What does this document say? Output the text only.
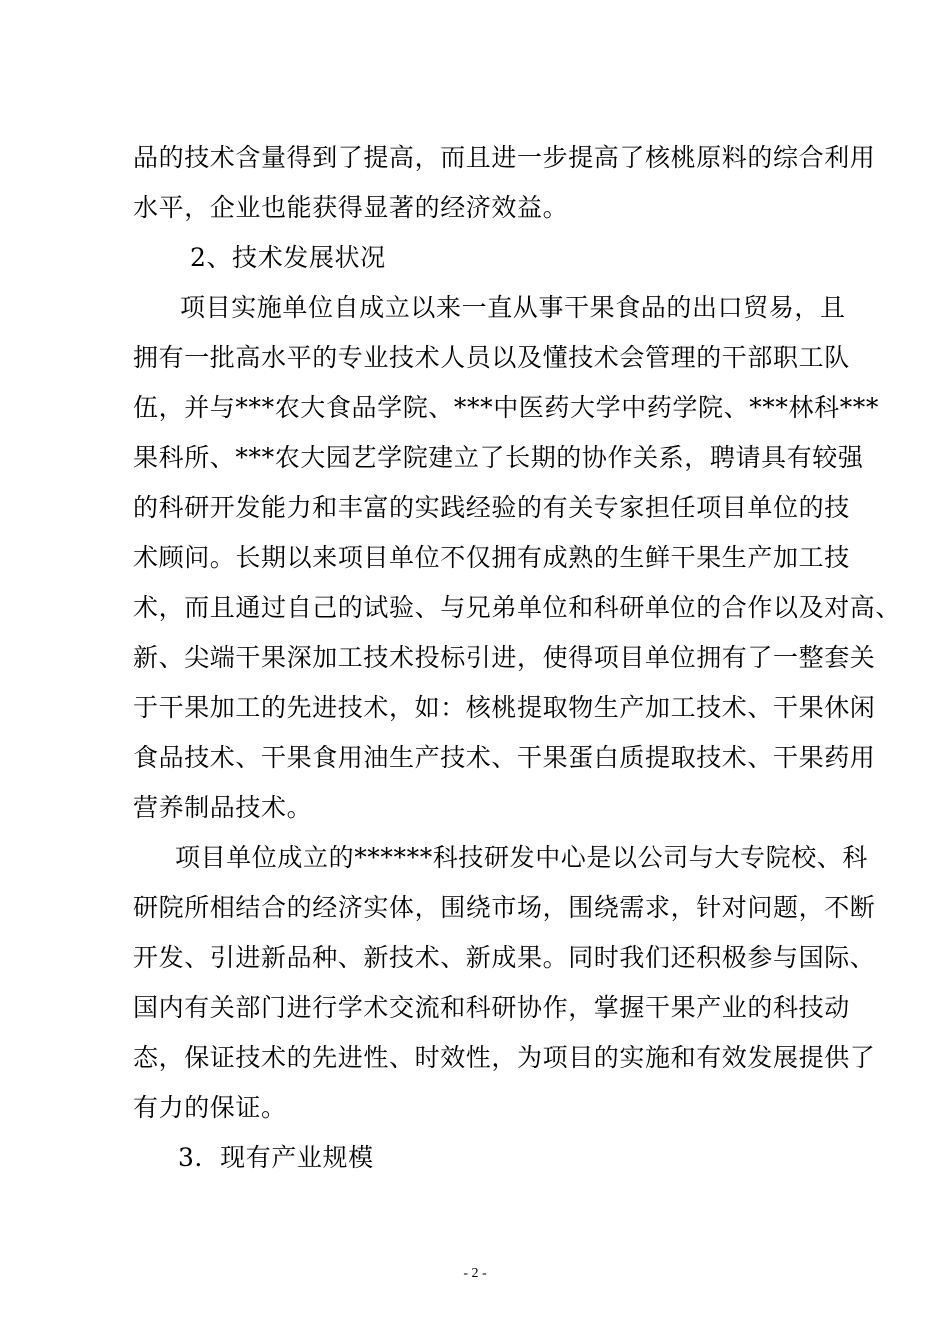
品的技术含量得到了提高，而且进一步提高了核桃原料的综合利用
水平，企业也能获得显著的经济效益。
2、技术发展状况
项目实施单位自成立以来一直从事干果食品的出口贸易，且
拥有一批高水平的专业技术人员以及懂技术会管理的干部职工队
伍，并与***农大食品学院、***中医药大学中药学院、***林科***
果科所、***农大园艺学院建立了长期的协作关系，聘请具有较强
的科研开发能力和丰富的实践经验的有关专家担任项目单位的技
术顾问。长期以来项目单位不仅拥有成熟的生鲜干果生产加工技
术，而且通过自己的试验、与兄弟单位和科研单位的合作以及对高、
新、尖端干果深加工技术投标引进，使得项目单位拥有了一整套关
于干果加工的先进技术，如：核桃提取物生产加工技术、干果休闲
食品技术、干果食用油生产技术、干果蛋白质提取技术、干果药用
营养制品技术。
项目单位成立的******科技研发中心是以公司与大专院校、科
研院所相结合的经济实体，围绕市场，围绕需求，针对问题，不断
开发、引进新品种、新技术、新成果。同时我们还积极参与国际、
国内有关部门进行学术交流和科研协作，掌握干果产业的科技动
态，保证技术的先进性、时效性，为项目的实施和有效发展提供了
有力的保证。
3．现有产业规模
- 2 -
